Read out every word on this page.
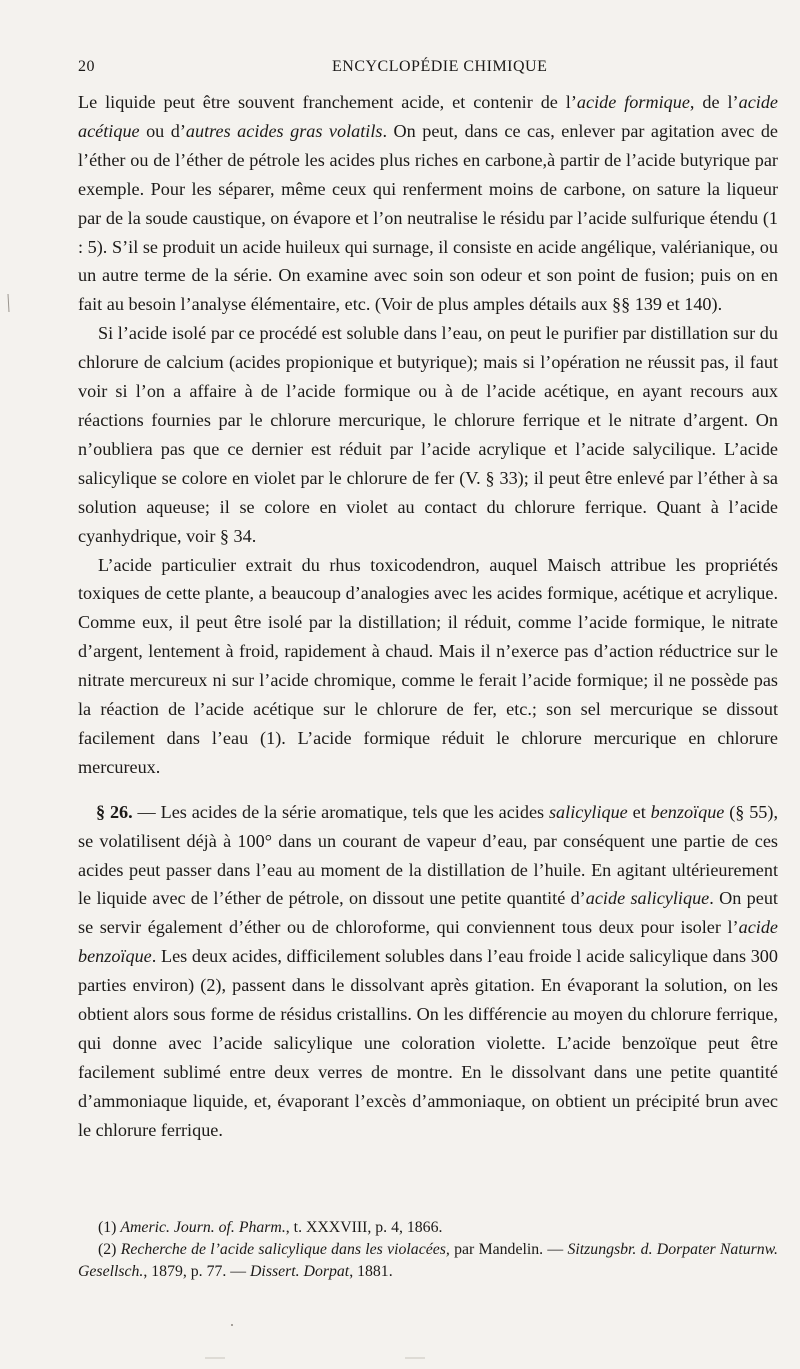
20	ENCYCLOPÉDIE CHIMIQUE

Le liquide peut être souvent franchement acide, et contenir de l’acide formique, de l’acide acétique ou d’autres acides gras volatils. On peut, dans ce cas, enlever par agitation avec de l’éther ou de l’éther de pétrole les acides plus riches en carbone,à partir de l’acide butyrique par exemple. Pour les séparer, même ceux qui renferment moins de carbone, on sature la liqueur par de la soude caustique, on évapore et l’on neutralise le résidu par l’acide sulfurique étendu (1 : 5). S’il se produit un acide huileux qui surnage, il consiste en acide angélique, valérianique, ou un autre terme de la série. On examine avec soin son odeur et son point de fusion; puis on en fait au besoin l’analyse élémentaire, etc. (Voir de plus amples détails aux §§ 139 et 140).

Si l’acide isolé par ce procédé est soluble dans l’eau, on peut le purifier par distillation sur du chlorure de calcium (acides propionique et butyrique); mais si l’opération ne réussit pas, il faut voir si l’on a affaire à de l’acide formique ou à de l’acide acétique, en ayant recours aux réactions fournies par le chlorure mercurique, le chlorure ferrique et le nitrate d’argent. On n’oubliera pas que ce dernier est réduit par l’acide acrylique et l’acide salycilique. L’acide salicylique se colore en violet par le chlorure de fer (V. § 33); il peut être enlevé par l’éther à sa solution aqueuse; il se colore en violet au contact du chlorure ferrique. Quant à l’acide cyanhydrique, voir § 34.

L’acide particulier extrait du rhus toxicodendron, auquel Maisch attribue les propriétés toxiques de cette plante, a beaucoup d’analogies avec les acides formique, acétique et acrylique. Comme eux, il peut être isolé par la distillation; il réduit, comme l’acide formique, le nitrate d’argent, lentement à froid, rapidement à chaud. Mais il n’exerce pas d’action réductrice sur le nitrate mercureux ni sur l’acide chromique, comme le ferait l’acide formique; il ne possède pas la réaction de l’acide acétique sur le chlorure de fer, etc.; son sel mercurique se dissout facilement dans l’eau (1). L’acide formique réduit le chlorure mercurique en chlorure mercureux.

§ 26. — Les acides de la série aromatique, tels que les acides salicylique et benzoïque (§ 55), se volatilisent déjà à 100° dans un courant de vapeur d’eau, par conséquent une partie de ces acides peut passer dans l’eau au moment de la distillation de l’huile. En agitant ultérieurement le liquide avec de l’éther de pétrole, on dissout une petite quantité d’acide salicylique. On peut se servir également d’éther ou de chloroforme, qui conviennent tous deux pour isoler l’acide benzoïque. Les deux acides, difficilement solubles dans l’eau froide l acide salicylique dans 300 parties environ) (2), passent dans le dissolvant après gitation. En évaporant la solution, on les obtient alors sous forme de résidus cristallins. On les différencie au moyen du chlorure ferrique, qui donne avec l’acide salicylique une coloration violette. L’acide benzoïque peut être facilement sublimé entre deux verres de montre. En le dissolvant dans une petite quantité d’ammoniaque liquide, et, évaporant l’excès d’ammoniaque, on obtient un précipité brun avec le chlorure ferrique.

(1) Americ. Journ. of. Pharm., t. XXXVIII, p. 4, 1866.

(2) Recherche de l’acide salicylique dans les violacées, par Mandelin. — Sitzungsbr. d. Dorpater Naturnw. Gesellsch., 1879, p. 77. — Dissert. Dorpat, 1881.
